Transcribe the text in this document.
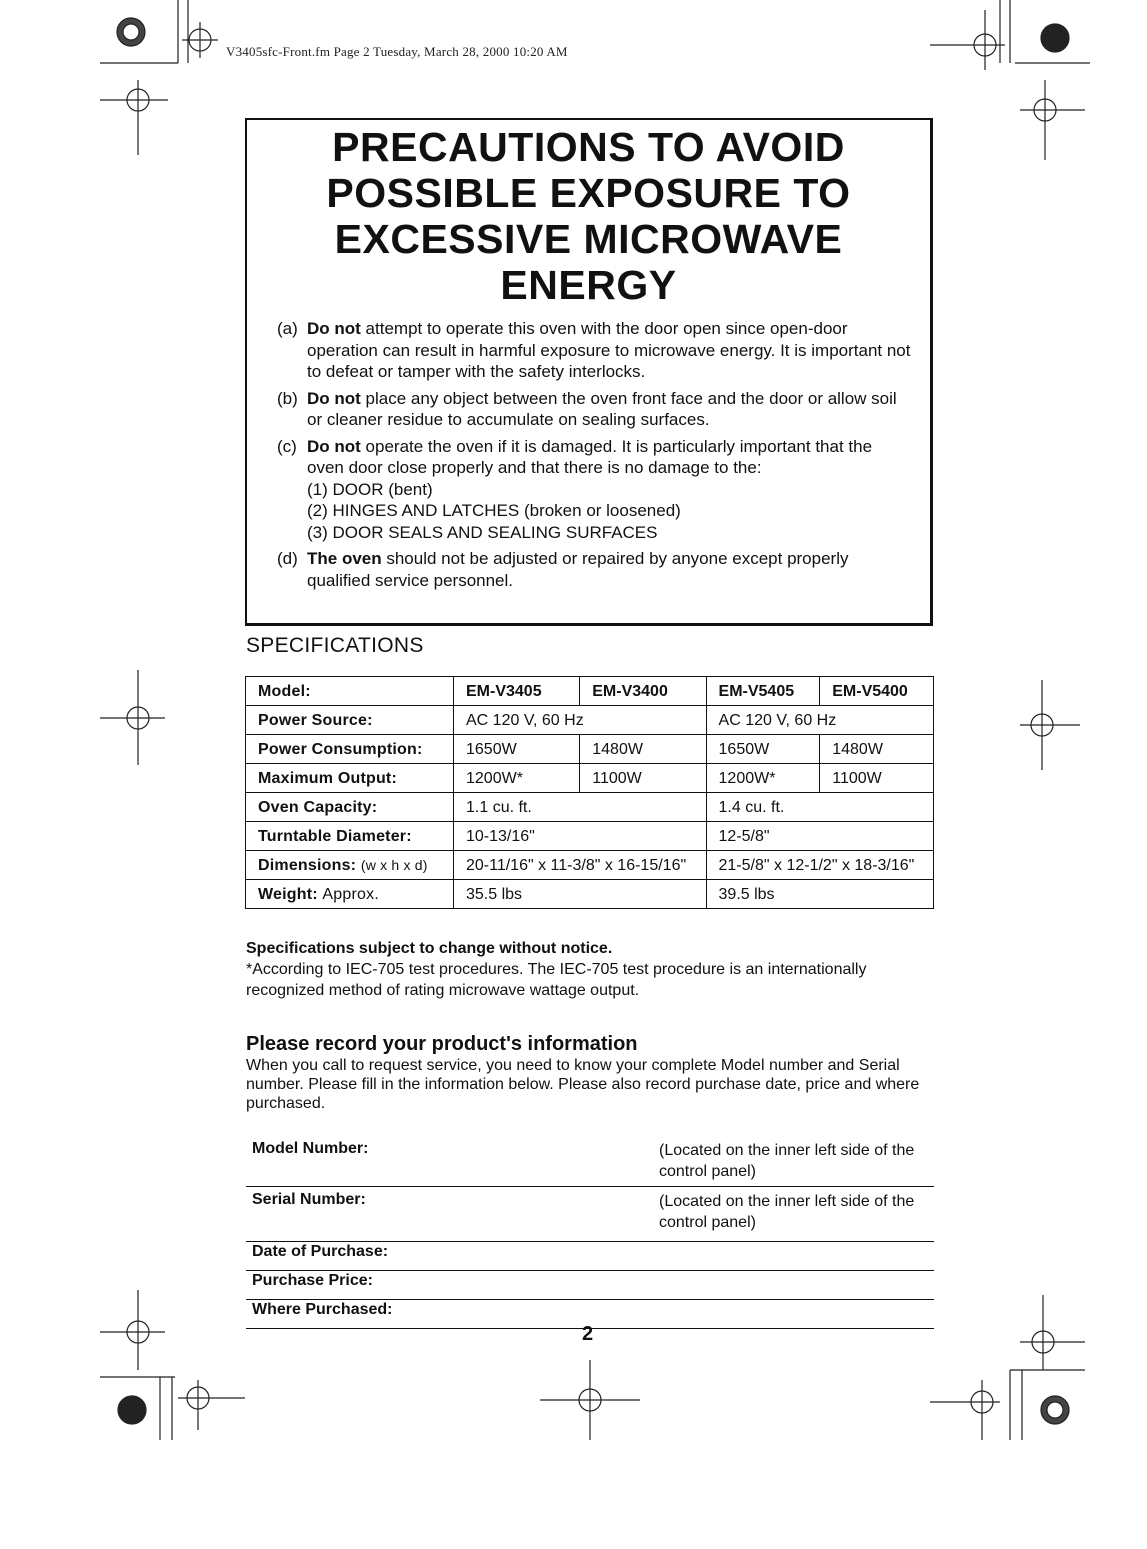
V3405sfc-Front.fm Page 2 Tuesday, March 28, 2000 10:20 AM
PRECAUTIONS TO AVOID
POSSIBLE EXPOSURE TO
EXCESSIVE MICROWAVE
ENERGY
(a) Do not attempt to operate this oven with the door open since open-door operation can result in harmful exposure to microwave energy. It is important not to defeat or tamper with the safety interlocks.
(b) Do not place any object between the oven front face and the door or allow soil or cleaner residue to accumulate on sealing surfaces.
(c) Do not operate the oven if it is damaged. It is particularly important that the oven door close properly and that there is no damage to the:
(1) DOOR (bent)
(2) HINGES AND LATCHES (broken or loosened)
(3) DOOR SEALS AND SEALING SURFACES
(d) The oven should not be adjusted or repaired by anyone except properly qualified service personnel.
SPECIFICATIONS
Model:	EM-V3405	EM-V3400	EM-V5405	EM-V5400
Power Source:	AC 120 V, 60 Hz		AC 120 V, 60 Hz	
Power Consumption:	1650W	1480W	1650W	1480W
Maximum Output:	1200W*	1100W	1200W*	1100W
Oven Capacity:	1.1 cu. ft.		1.4 cu. ft.	
Turntable Diameter:	10-13/16"		12-5/8"	
Dimensions: (w x h x d)	20-11/16" x 11-3/8" x 16-15/16"		21-5/8" x 12-1/2" x 18-3/16"	
Weight: Approx.	35.5 lbs		39.5 lbs	
Specifications subject to change without notice.
*According to IEC-705 test procedures. The IEC-705 test procedure is an internationally recognized method of rating microwave wattage output.
Please record your product's information
When you call to request service, you need to know your complete Model number and Serial number. Please fill in the information below. Please also record purchase date, price and where purchased.
Model Number:	(Located on the inner left side of the control panel)
Serial Number:	(Located on the inner left side of the control panel)
Date of Purchase:
Purchase Price:
Where Purchased:
2
